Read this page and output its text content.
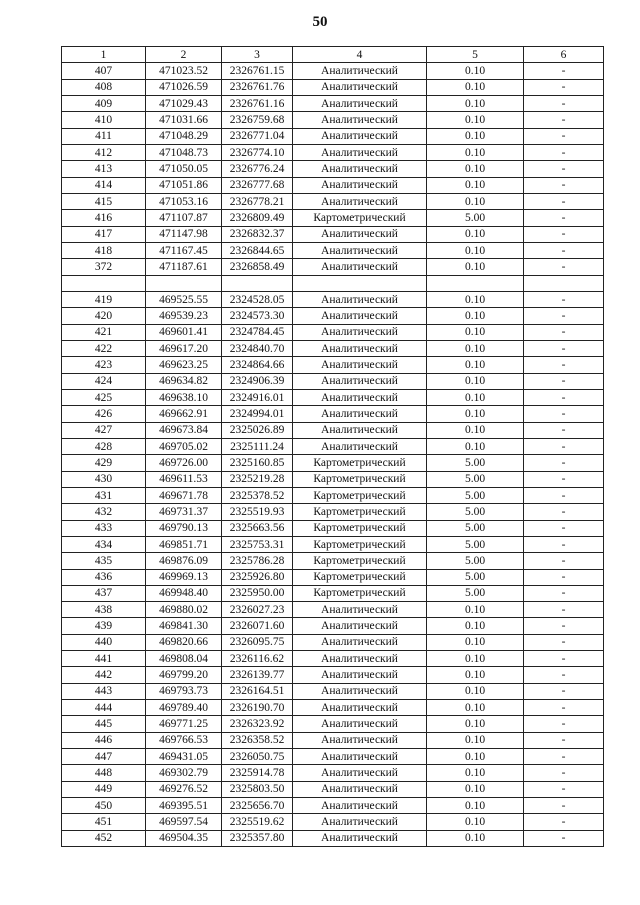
50
1	2	3	4	5	6
407	471023.52	2326761.15	Аналитический	0.10	-
408	471026.59	2326761.76	Аналитический	0.10	-
409	471029.43	2326761.16	Аналитический	0.10	-
410	471031.66	2326759.68	Аналитический	0.10	-
411	471048.29	2326771.04	Аналитический	0.10	-
412	471048.73	2326774.10	Аналитический	0.10	-
413	471050.05	2326776.24	Аналитический	0.10	-
414	471051.86	2326777.68	Аналитический	0.10	-
415	471053.16	2326778.21	Аналитический	0.10	-
416	471107.87	2326809.49	Картометрический	5.00	-
417	471147.98	2326832.37	Аналитический	0.10	-
418	471167.45	2326844.65	Аналитический	0.10	-
372	471187.61	2326858.49	Аналитический	0.10	-

419	469525.55	2324528.05	Аналитический	0.10	-
420	469539.23	2324573.30	Аналитический	0.10	-
421	469601.41	2324784.45	Аналитический	0.10	-
422	469617.20	2324840.70	Аналитический	0.10	-
423	469623.25	2324864.66	Аналитический	0.10	-
424	469634.82	2324906.39	Аналитический	0.10	-
425	469638.10	2324916.01	Аналитический	0.10	-
426	469662.91	2324994.01	Аналитический	0.10	-
427	469673.84	2325026.89	Аналитический	0.10	-
428	469705.02	2325111.24	Аналитический	0.10	-
429	469726.00	2325160.85	Картометрический	5.00	-
430	469611.53	2325219.28	Картометрический	5.00	-
431	469671.78	2325378.52	Картометрический	5.00	-
432	469731.37	2325519.93	Картометрический	5.00	-
433	469790.13	2325663.56	Картометрический	5.00	-
434	469851.71	2325753.31	Картометрический	5.00	-
435	469876.09	2325786.28	Картометрический	5.00	-
436	469969.13	2325926.80	Картометрический	5.00	-
437	469948.40	2325950.00	Картометрический	5.00	-
438	469880.02	2326027.23	Аналитический	0.10	-
439	469841.30	2326071.60	Аналитический	0.10	-
440	469820.66	2326095.75	Аналитический	0.10	-
441	469808.04	2326116.62	Аналитический	0.10	-
442	469799.20	2326139.77	Аналитический	0.10	-
443	469793.73	2326164.51	Аналитический	0.10	-
444	469789.40	2326190.70	Аналитический	0.10	-
445	469771.25	2326323.92	Аналитический	0.10	-
446	469766.53	2326358.52	Аналитический	0.10	-
447	469431.05	2326050.75	Аналитический	0.10	-
448	469302.79	2325914.78	Аналитический	0.10	-
449	469276.52	2325803.50	Аналитический	0.10	-
450	469395.51	2325656.70	Аналитический	0.10	-
451	469597.54	2325519.62	Аналитический	0.10	-
452	469504.35	2325357.80	Аналитический	0.10	-
